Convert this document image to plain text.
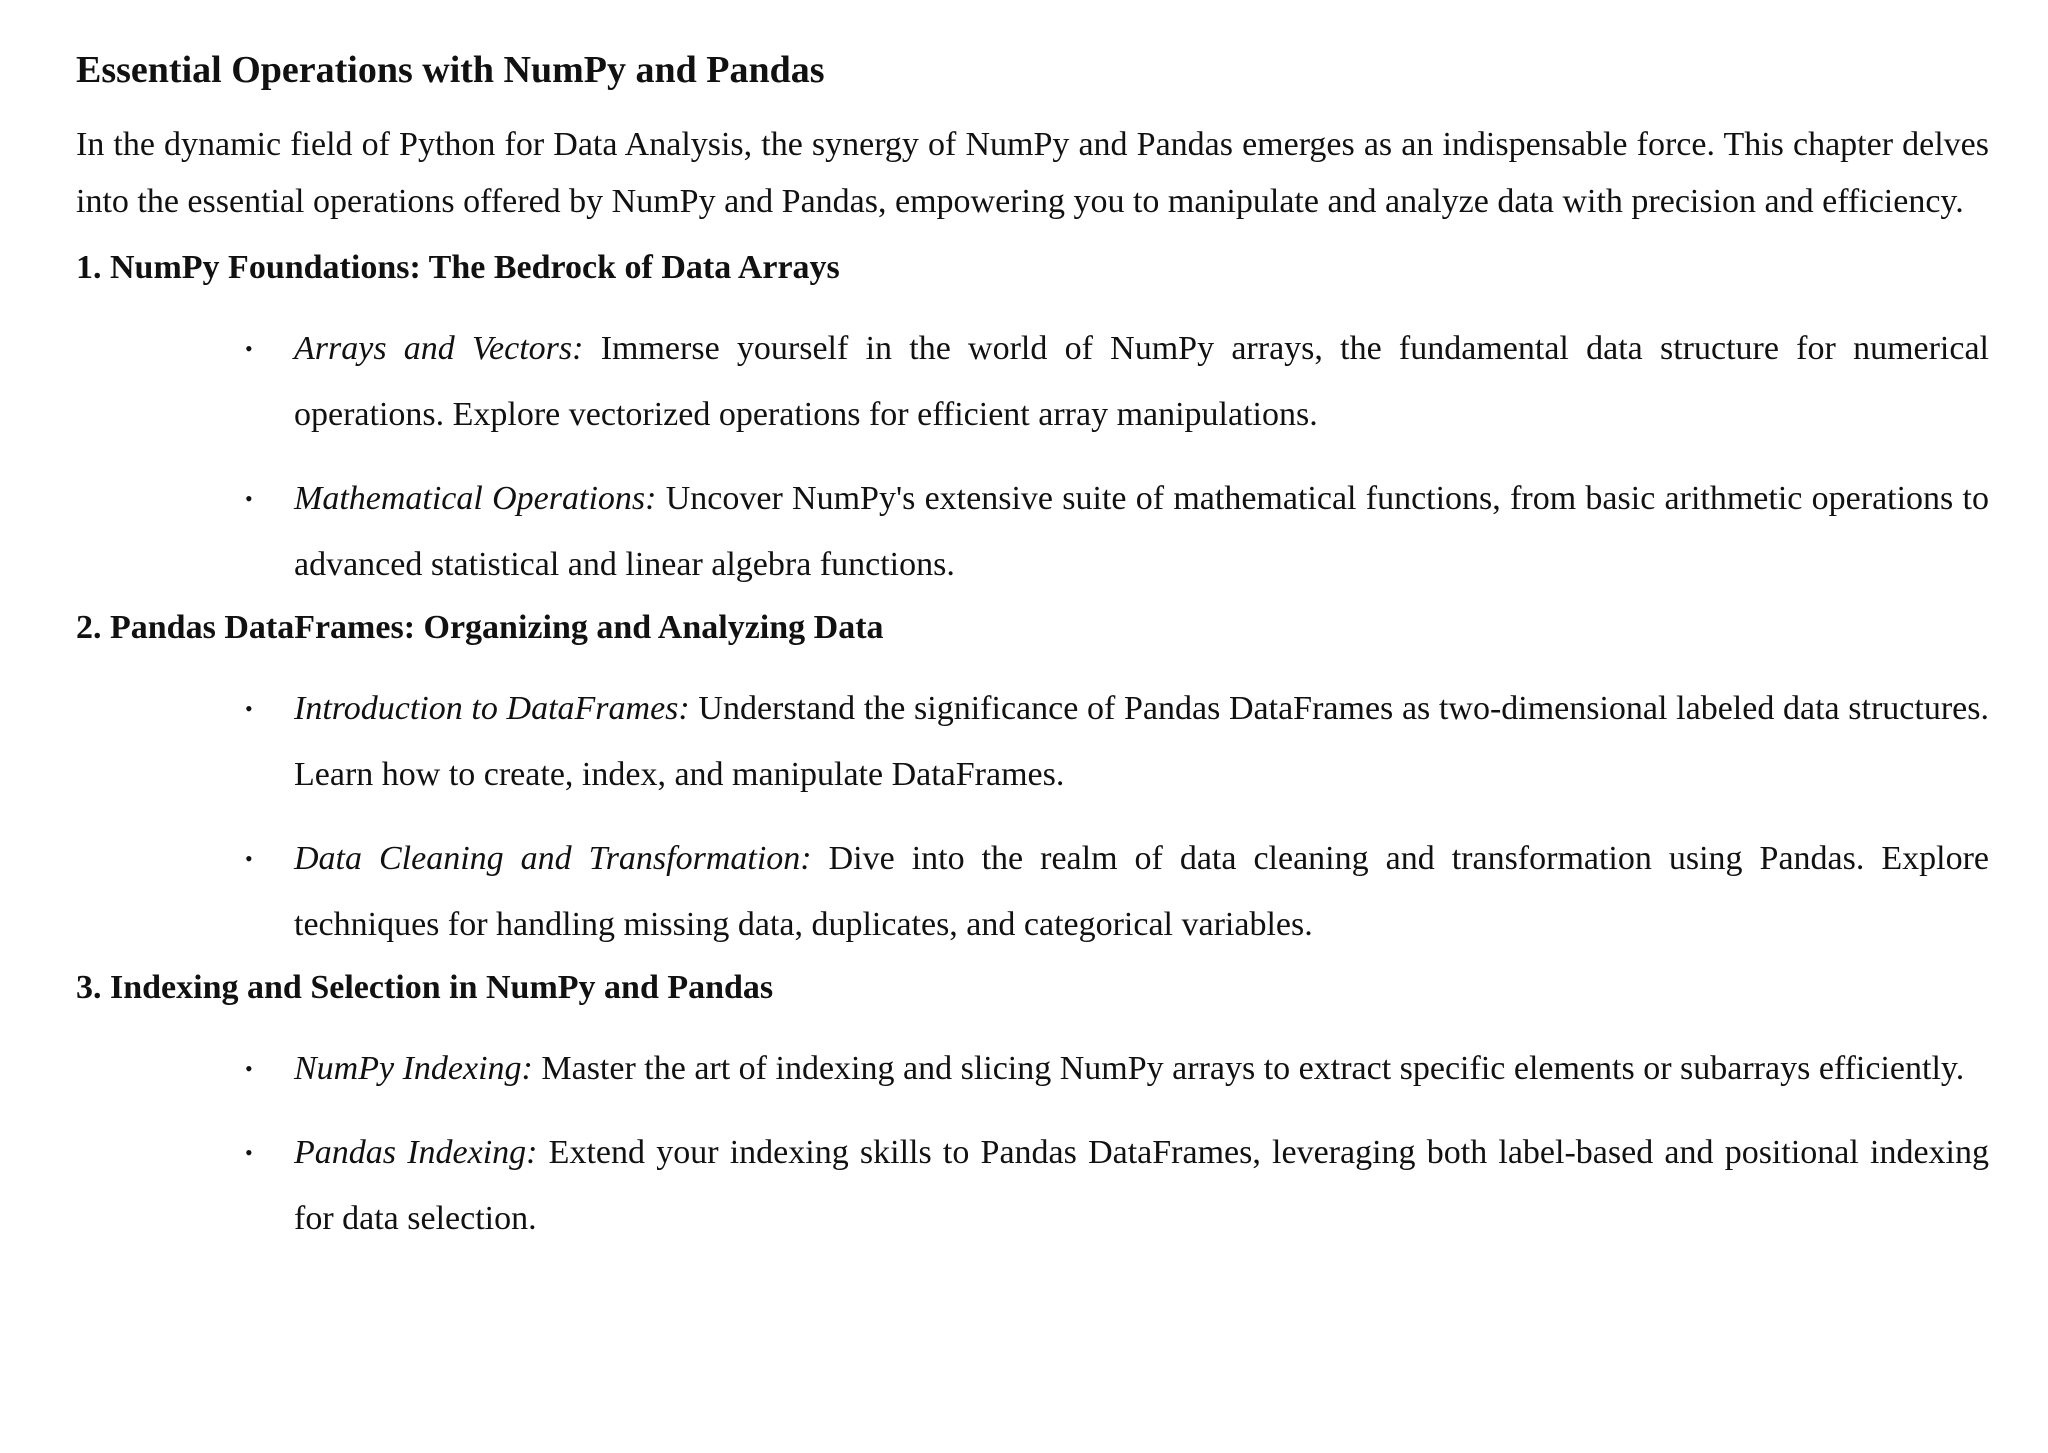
Essential Operations with NumPy and Pandas

In the dynamic field of Python for Data Analysis, the synergy of NumPy and Pandas emerges as an indispensable force. This chapter delves into the essential operations offered by NumPy and Pandas, empowering you to manipulate and analyze data with precision and efficiency.

1. NumPy Foundations: The Bedrock of Data Arrays
• Arrays and Vectors: Immerse yourself in the world of NumPy arrays, the fundamental data structure for numerical operations. Explore vectorized operations for efficient array manipulations.
• Mathematical Operations: Uncover NumPy's extensive suite of mathematical functions, from basic arithmetic operations to advanced statistical and linear algebra functions.
2. Pandas DataFrames: Organizing and Analyzing Data
• Introduction to DataFrames: Understand the significance of Pandas DataFrames as two-dimensional labeled data structures. Learn how to create, index, and manipulate DataFrames.
• Data Cleaning and Transformation: Dive into the realm of data cleaning and transformation using Pandas. Explore techniques for handling missing data, duplicates, and categorical variables.
3. Indexing and Selection in NumPy and Pandas
• NumPy Indexing: Master the art of indexing and slicing NumPy arrays to extract specific elements or subarrays efficiently.
• Pandas Indexing: Extend your indexing skills to Pandas DataFrames, leveraging both label-based and positional indexing for data selection.
